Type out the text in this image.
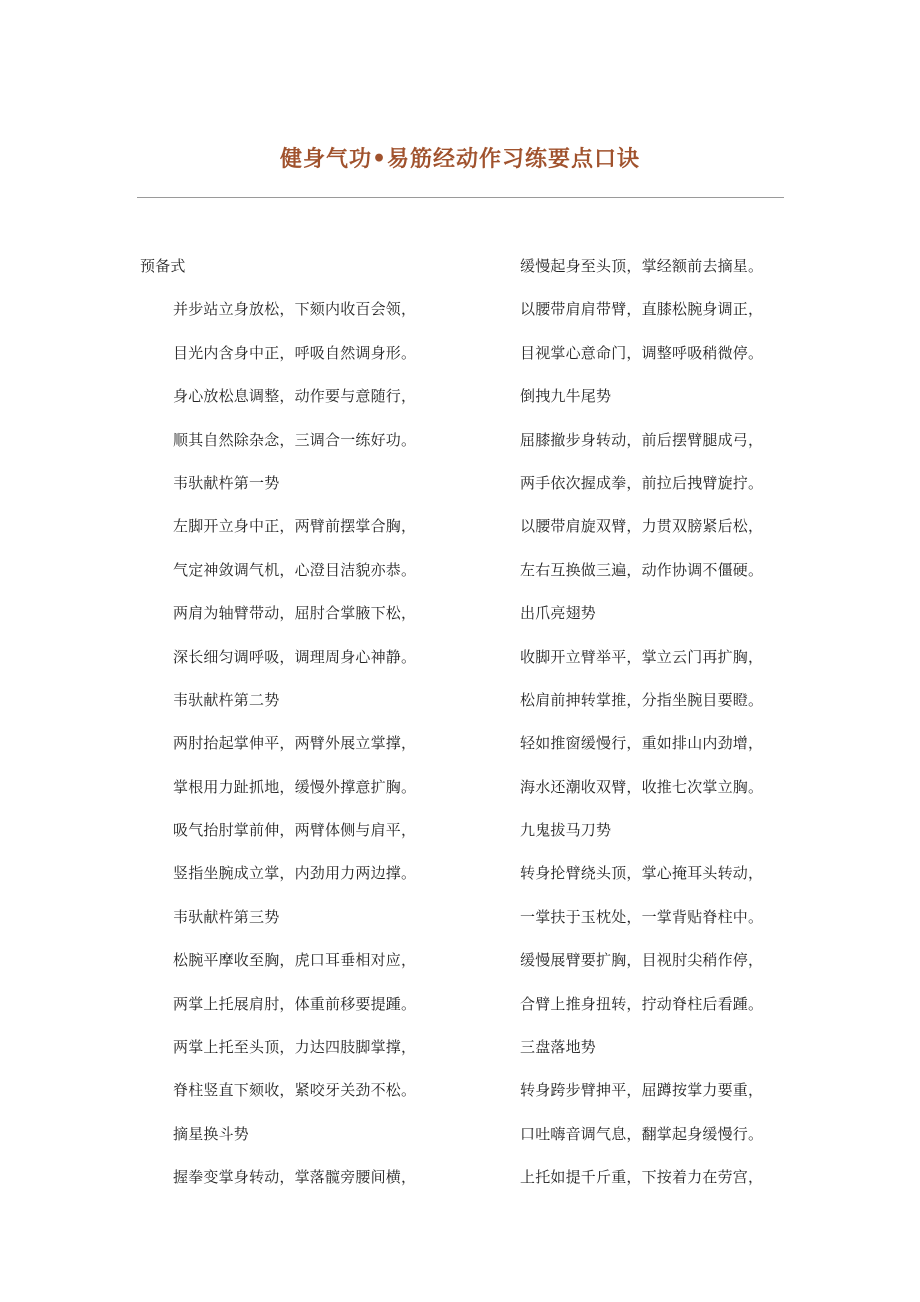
健身气功•易筋经动作习练要点口诀
预备式
并步站立身放松，下颏内收百会领，
目光内含身中正，呼吸自然调身形。
身心放松息调整，动作要与意随行，
顺其自然除杂念，三调合一练好功。
韦驮献杵第一势
左脚开立身中正，两臂前摆掌合胸，
气定神敛调气机，心澄目洁貌亦恭。
两肩为轴臂带动，屈肘合掌腋下松，
深长细匀调呼吸，调理周身心神静。
韦驮献杵第二势
两肘抬起掌伸平，两臂外展立掌撑，
掌根用力趾抓地，缓慢外撑意扩胸。
吸气抬肘掌前伸，两臂体侧与肩平，
竖指坐腕成立掌，内劲用力两边撑。
韦驮献杵第三势
松腕平摩收至胸，虎口耳垂相对应，
两掌上托展肩肘，体重前移要提踵。
两掌上托至头顶，力达四肢脚掌撑，
脊柱竖直下颏收，紧咬牙关劲不松。
摘星换斗势
握拳变掌身转动，掌落髋旁腰间横，
缓慢起身至头顶，掌经额前去摘星。
以腰带肩肩带臂，直膝松腕身调正，
目视掌心意命门，调整呼吸稍微停。
倒拽九牛尾势
屈膝撤步身转动，前后摆臂腿成弓，
两手依次握成拳，前拉后拽臂旋拧。
以腰带肩旋双臂，力贯双膀紧后松，
左右互换做三遍，动作协调不僵硬。
出爪亮翅势
收脚开立臂举平，掌立云门再扩胸，
松肩前抻转掌推，分指坐腕目要瞪。
轻如推窗缓慢行，重如排山内劲增，
海水还潮收双臂，收推七次掌立胸。
九鬼拔马刀势
转身抡臂绕头顶，掌心掩耳头转动，
一掌扶于玉枕处，一掌背贴脊柱中。
缓慢展臂要扩胸，目视肘尖稍作停，
合臂上推身扭转，拧动脊柱后看踵。
三盘落地势
转身跨步臂抻平，屈蹲按掌力要重，
口吐嗨音调气息，翻掌起身缓慢行。
上托如提千斤重，下按着力在劳宫，
